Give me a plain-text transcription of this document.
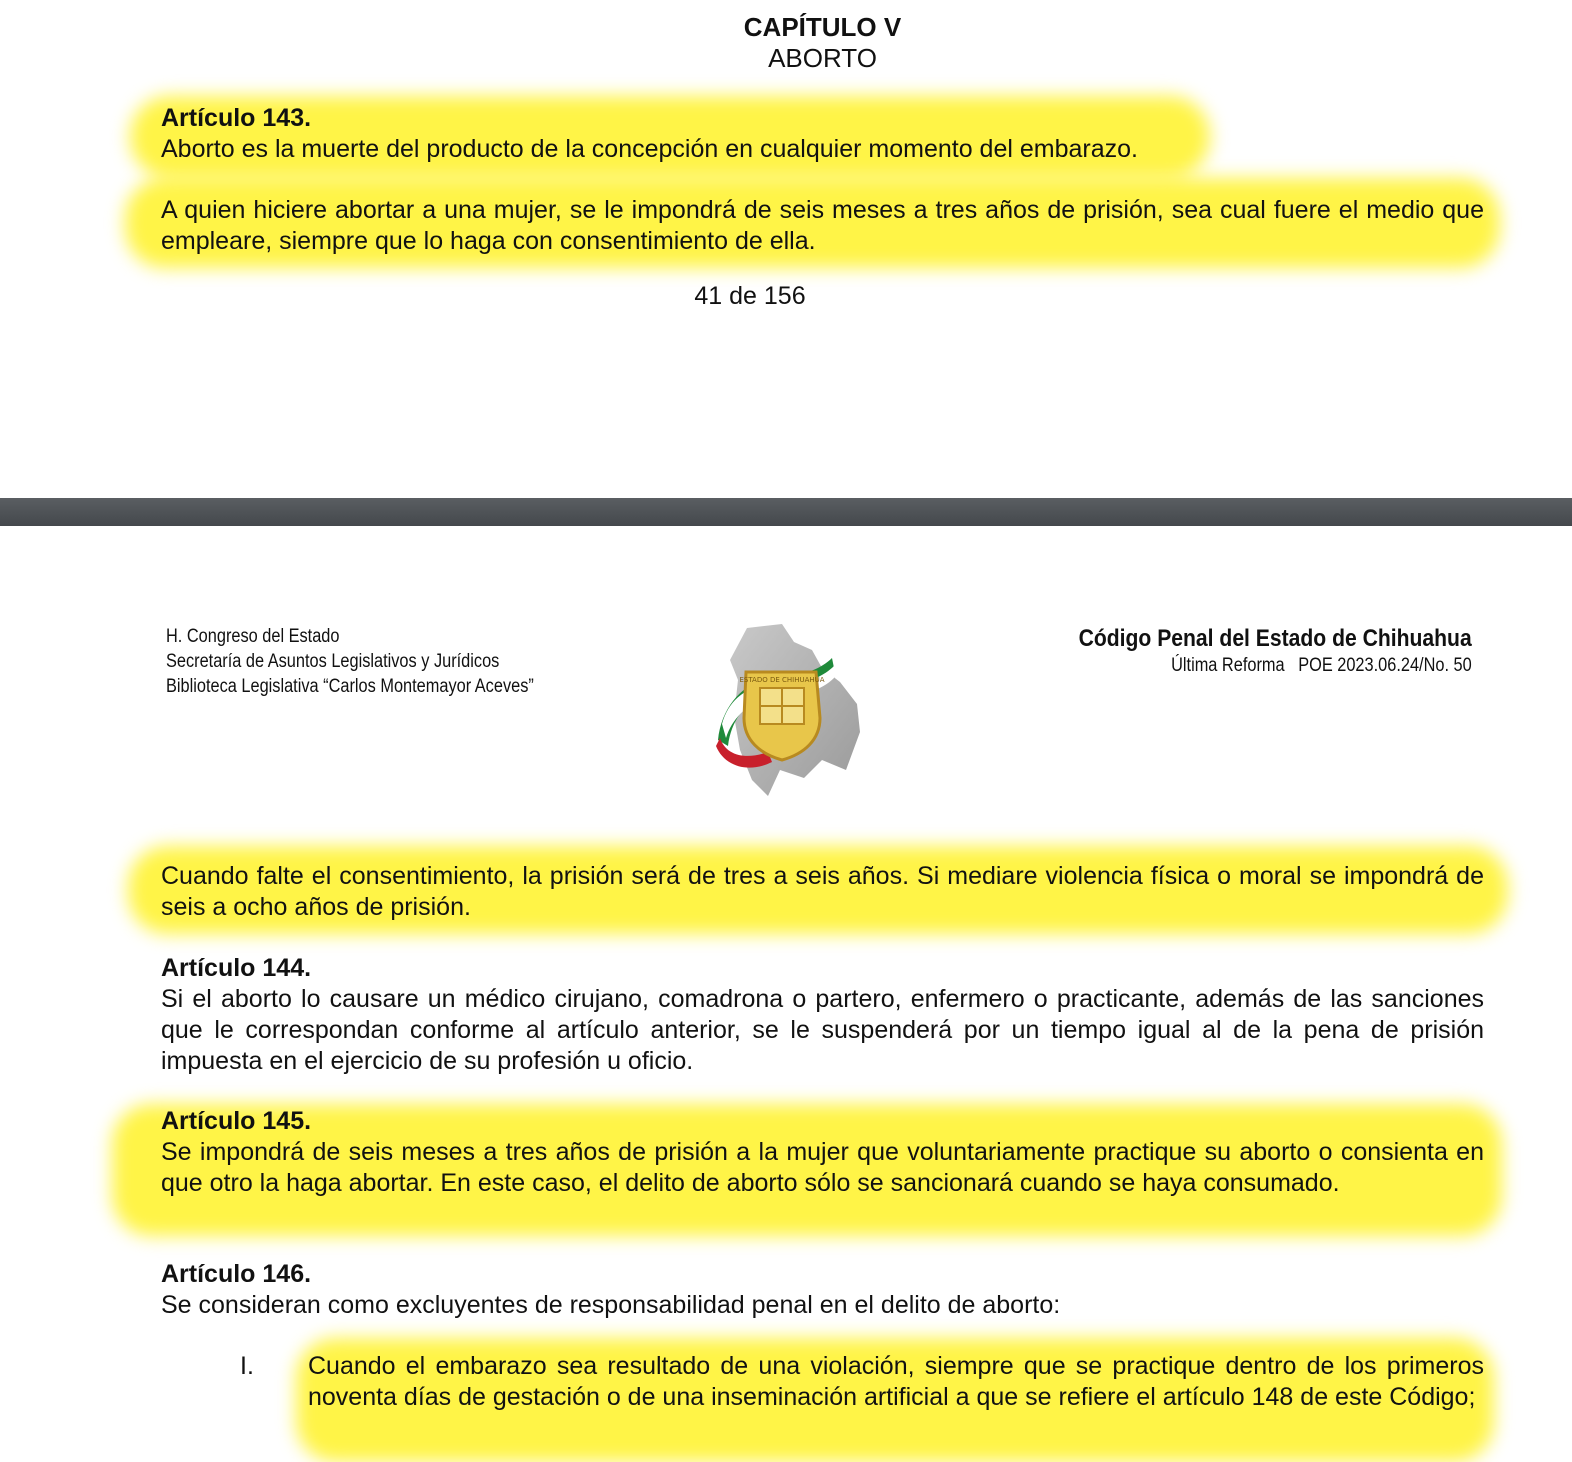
CAPÍTULO V
ABORTO
Artículo 143.
Aborto es la muerte del producto de la concepción en cualquier momento del embarazo.
A quien hiciere abortar a una mujer, se le impondrá de seis meses a tres años de prisión, sea cual fuere el medio que empleare, siempre que lo haga con consentimiento de ella.
41 de 156
H. Congreso del Estado
Secretaría de Asuntos Legislativos y Jurídicos
Biblioteca Legislativa “Carlos Montemayor Aceves”	ESTADO DE CHIHUAHUA
Código Penal del Estado de Chihuahua
Última Reforma   POE 2023.06.24/No. 50
Cuando falte el consentimiento, la prisión será de tres a seis años. Si mediare violencia física o moral se impondrá de seis a ocho años de prisión.
Artículo 144.
Si el aborto lo causare un médico cirujano, comadrona o partero, enfermero o practicante, además de las sanciones que le correspondan conforme al artículo anterior, se le suspenderá por un tiempo igual al de la pena de prisión impuesta en el ejercicio de su profesión u oficio.
Artículo 145.
Se impondrá de seis meses a tres años de prisión a la mujer que voluntariamente practique su aborto o consienta en que otro la haga abortar. En este caso, el delito de aborto sólo se sancionará cuando se haya consumado.
Artículo 146.
Se consideran como excluyentes de responsabilidad penal en el delito de aborto:
I. Cuando el embarazo sea resultado de una violación, siempre que se practique dentro de los primeros noventa días de gestación o de una inseminación artificial a que se refiere el artículo 148 de este Código;
